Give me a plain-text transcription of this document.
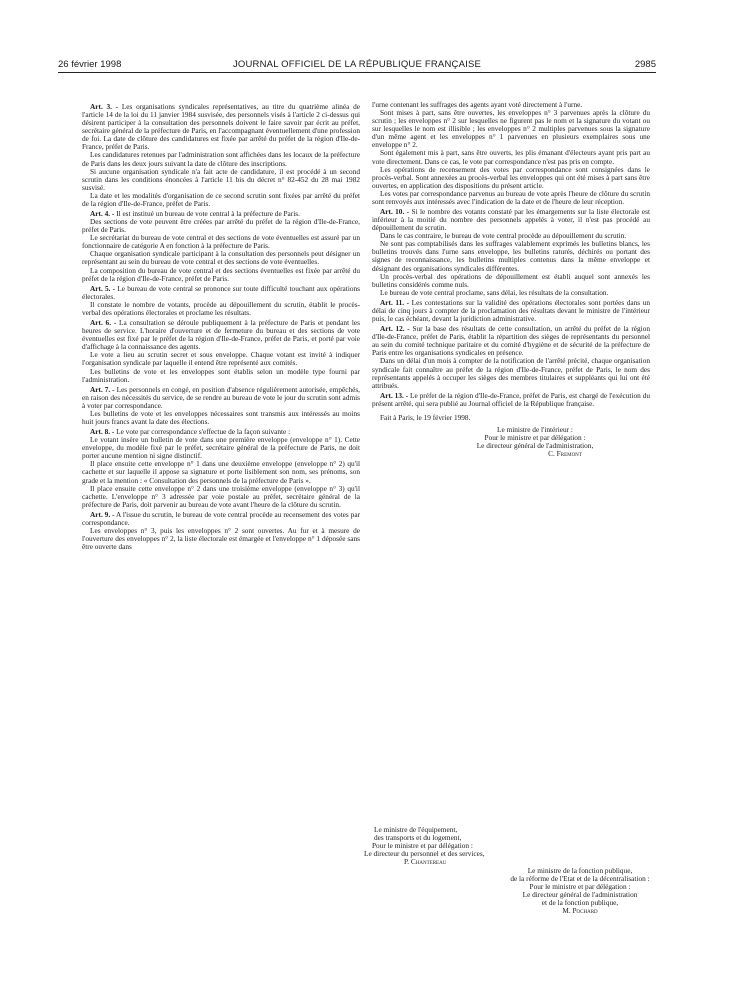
26 février 1998	JOURNAL OFFICIEL DE LA RÉPUBLIQUE FRANÇAISE	2985

Art. 3. - Les organisations syndicales représentatives, au titre du quatrième alinéa de l'article 14 de la loi du 11 janvier 1984 susvisée, des personnels visés à l'article 2 ci-dessus qui désirent participer à la consultation des personnels doivent le faire savoir par écrit au préfet, secrétaire général de la préfecture de Paris, en l'accompagnant éventuellement d'une profession de foi. La date de clôture des candidatures est fixée par arrêté du préfet de la région d'Ile-de-France, préfet de Paris.

Les candidatures retenues par l'administration sont affichées dans les locaux de la préfecture de Paris dans les deux jours suivant la date de clôture des inscriptions.

Si aucune organisation syndicale n'a fait acte de candidature, il est procédé à un second scrutin dans les conditions énoncées à l'article 11 bis du décret n° 82-452 du 28 mai 1982 susvisé.

La date et les modalités d'organisation de ce second scrutin sont fixées par arrêté du préfet de la région d'Ile-de-France, préfet de Paris.

Art. 4. - Il est institué un bureau de vote central à la préfecture de Paris.

Des sections de vote peuvent être créées par arrêté du préfet de la région d'Ile-de-France, préfet de Paris.

Le secrétariat du bureau de vote central et des sections de vote éventuelles est assuré par un fonctionnaire de catégorie A en fonction à la préfecture de Paris.

Chaque organisation syndicale participant à la consultation des personnels peut désigner un représentant au sein du bureau de vote central et des sections de vote éventuelles.

La composition du bureau de vote central et des sections éventuelles est fixée par arrêté du préfet de la région d'Ile-de-France, préfet de Paris.

Art. 5. - Le bureau de vote central se prononce sur toute difficulté touchant aux opérations électorales.

Il constate le nombre de votants, procède au dépouillement du scrutin, établit le procès-verbal des opérations électorales et proclame les résultats.

Art. 6. - La consultation se déroule publiquement à la préfecture de Paris et pendant les heures de service. L'horaire d'ouverture et de fermeture du bureau et des sections de vote éventuelles est fixé par le préfet de la région d'Ile-de-France, préfet de Paris, et porté par voie d'affichage à la connaissance des agents.

Le vote a lieu au scrutin secret et sous enveloppe. Chaque votant est invité à indiquer l'organisation syndicale par laquelle il entend être représenté aux comités.

Les bulletins de vote et les enveloppes sont établis selon un modèle type fourni par l'administration.

Art. 7. - Les personnels en congé, en position d'absence régulièrement autorisée, empêchés, en raison des nécessités du service, de se rendre au bureau de vote le jour du scrutin sont admis à voter par correspondance.

Les bulletins de vote et les enveloppes nécessaires sont transmis aux intéressés au moins huit jours francs avant la date des élections.

Art. 8. - Le vote par correspondance s'effectue de la façon suivante :

Le votant insère un bulletin de vote dans une première enveloppe (enveloppe n° 1). Cette enveloppe, du modèle fixé par le préfet, secrétaire général de la préfecture de Paris, ne doit porter aucune mention ni signe distinctif.

Il place ensuite cette enveloppe n° 1 dans une deuxième enveloppe (enveloppe n° 2) qu'il cachette et sur laquelle il appose sa signature et porte lisiblement son nom, ses prénoms, son grade et la mention : « Consultation des personnels de la préfecture de Paris ».

Il place ensuite cette enveloppe n° 2 dans une troisième enveloppe (enveloppe n° 3) qu'il cachette. L'enveloppe n° 3 adressée par voie postale au préfet, secrétaire général de la préfecture de Paris, doit parvenir au bureau de vote avant l'heure de la clôture du scrutin.

Art. 9. - A l'issue du scrutin, le bureau de vote central procède au recensement des votes par correspondance.

Les enveloppes n° 3, puis les enveloppes n° 2 sont ouvertes. Au fur et à mesure de l'ouverture des enveloppes n° 2, la liste électorale est émargée et l'enveloppe n° 1 déposée sans être ouverte dans

l'urne contenant les suffrages des agents ayant voté directement à l'urne.

Sont mises à part, sans être ouvertes, les enveloppes n° 3 parvenues après la clôture du scrutin ; les enveloppes n° 2 sur lesquelles ne figurent pas le nom et la signature du votant ou sur lesquelles le nom est illisible ; les enveloppes n° 2 multiples parvenues sous la signature d'un même agent et les enveloppes n° 1 parvenues en plusieurs exemplaires sous une enveloppe n° 2.

Sont également mis à part, sans être ouverts, les plis émanant d'électeurs ayant pris part au vote directement. Dans ce cas, le vote par correspondance n'est pas pris en compte.

Les opérations de recensement des votes par correspondance sont consignées dans le procès-verbal. Sont annexées au procès-verbal les enveloppes qui ont été mises à part sans être ouvertes, en application des dispositions du présent article.

Les votes par correspondance parvenus au bureau de vote après l'heure de clôture du scrutin sont renvoyés aux intéressés avec l'indication de la date et de l'heure de leur réception.

Art. 10. - Si le nombre des votants constaté par les émargements sur la liste électorale est inférieur à la moitié du nombre des personnels appelés à voter, il n'est pas procédé au dépouillement du scrutin.

Dans le cas contraire, le bureau de vote central procède au dépouillement du scrutin.

Ne sont pas comptabilisés dans les suffrages valablement exprimés les bulletins blancs, les bulletins trouvés dans l'urne sans enveloppe, les bulletins raturés, déchirés ou portant des signes de reconnaissance, les bulletins multiples contenus dans la même enveloppe et désignant des organisations syndicales différentes.

Un procès-verbal des opérations de dépouillement est établi auquel sont annexés les bulletins considérés comme nuls.

Le bureau de vote central proclame, sans délai, les résultats de la consultation.

Art. 11. - Les contestations sur la validité des opérations électorales sont portées dans un délai de cinq jours à compter de la proclamation des résultats devant le ministre de l'intérieur puis, le cas échéant, devant la juridiction administrative.

Art. 12. - Sur la base des résultats de cette consultation, un arrêté du préfet de la région d'Ile-de-France, préfet de Paris, établit la répartition des sièges de représentants du personnel au sein du comité technique paritaire et du comité d'hygiène et de sécurité de la préfecture de Paris entre les organisations syndicales en présence.

Dans un délai d'un mois à compter de la notification de l'arrêté précité, chaque organisation syndicale fait connaître au préfet de la région d'Ile-de-France, préfet de Paris, le nom des représentants appelés à occuper les sièges des membres titulaires et suppléants qui lui ont été attribués.

Art. 13. - Le préfet de la région d'Ile-de-France, préfet de Paris, est chargé de l'exécution du présent arrêté, qui sera publié au Journal officiel de la République française.

Fait à Paris, le 19 février 1998.

Le ministre de l'intérieur :

Pour le ministre et par délégation :

Le directeur général de l'administration,

C. Fremont

Le ministre de l'équipement,

des transports et du logement,

Pour le ministre et par délégation :

Le directeur du personnel et des services,

P. Chantereau

Le ministre de la fonction publique,

de la réforme de l'Etat et de la décentralisation :

Pour le ministre et par délégation :

Le directeur général de l'administration

et de la fonction publique,

M. Pochard
